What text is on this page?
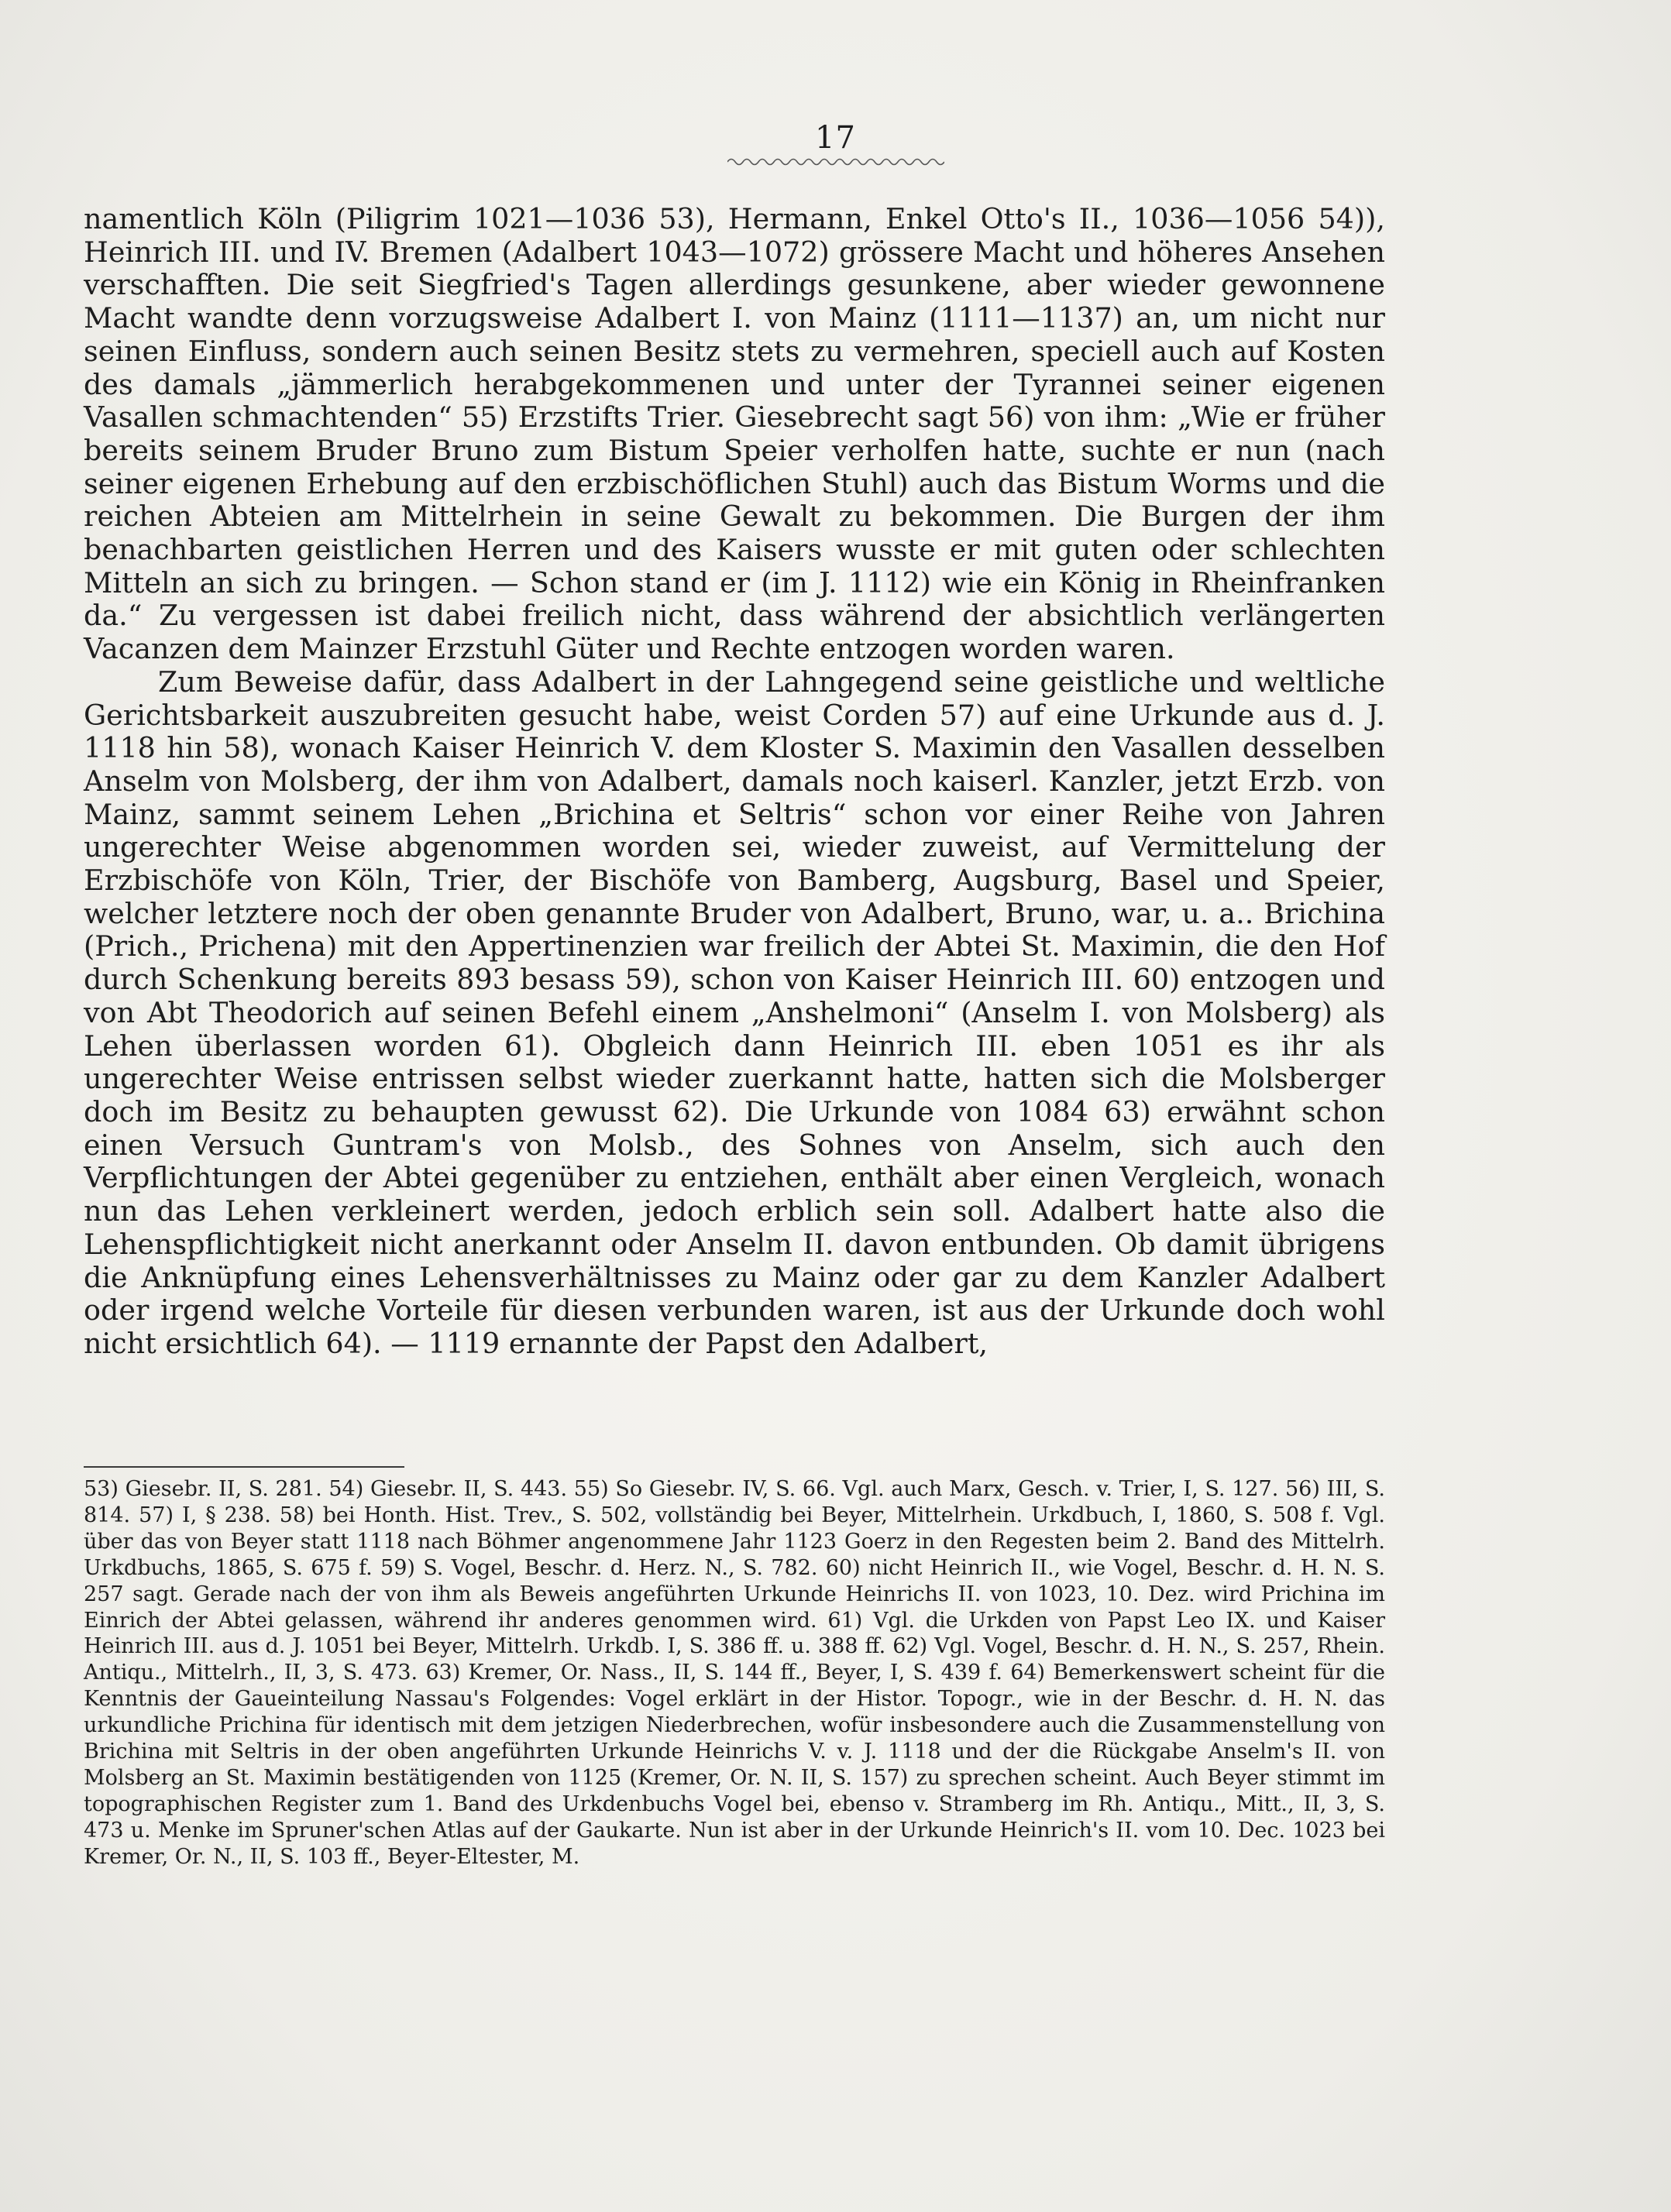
17

namentlich Köln (Piligrim 1021—1036 53), Hermann, Enkel Otto's II., 1036—1056 54)), Heinrich III. und IV. Bremen (Adalbert 1043—1072) grössere Macht und höheres Ansehen verschafften. Die seit Siegfried's Tagen allerdings gesunkene, aber wieder gewonnene Macht wandte denn vorzugsweise Adalbert I. von Mainz (1111—1137) an, um nicht nur seinen Einfluss, sondern auch seinen Besitz stets zu vermehren, speciell auch auf Kosten des damals „jämmerlich herabgekommenen und unter der Tyrannei seiner eigenen Vasallen schmachtenden“ 55) Erzstifts Trier. Giesebrecht sagt 56) von ihm: „Wie er früher bereits seinem Bruder Bruno zum Bistum Speier verholfen hatte, suchte er nun (nach seiner eigenen Erhebung auf den erzbischöflichen Stuhl) auch das Bistum Worms und die reichen Abteien am Mittelrhein in seine Gewalt zu bekommen. Die Burgen der ihm benachbarten geistlichen Herren und des Kaisers wusste er mit guten oder schlechten Mitteln an sich zu bringen. — Schon stand er (im J. 1112) wie ein König in Rheinfranken da.“ Zu vergessen ist dabei freilich nicht, dass während der absichtlich verlängerten Vacanzen dem Mainzer Erzstuhl Güter und Rechte entzogen worden waren.

Zum Beweise dafür, dass Adalbert in der Lahngegend seine geistliche und weltliche Gerichtsbarkeit auszubreiten gesucht habe, weist Corden 57) auf eine Urkunde aus d. J. 1118 hin 58), wonach Kaiser Heinrich V. dem Kloster S. Maximin den Vasallen desselben Anselm von Molsberg, der ihm von Adalbert, damals noch kaiserl. Kanzler, jetzt Erzb. von Mainz, sammt seinem Lehen „Brichina et Seltris“ schon vor einer Reihe von Jahren ungerechter Weise abgenommen worden sei, wieder zuweist, auf Vermittelung der Erzbischöfe von Köln, Trier, der Bischöfe von Bamberg, Augsburg, Basel und Speier, welcher letztere noch der oben genannte Bruder von Adalbert, Bruno, war, u. a.. Brichina (Prich., Prichena) mit den Appertinenzien war freilich der Abtei St. Maximin, die den Hof durch Schenkung bereits 893 besass 59), schon von Kaiser Heinrich III. 60) entzogen und von Abt Theodorich auf seinen Befehl einem „Anshelmoni“ (Anselm I. von Molsberg) als Lehen überlassen worden 61). Obgleich dann Heinrich III. eben 1051 es ihr als ungerechter Weise entrissen selbst wieder zuerkannt hatte, hatten sich die Molsberger doch im Besitz zu behaupten gewusst 62). Die Urkunde von 1084 63) erwähnt schon einen Versuch Guntram's von Molsb., des Sohnes von Anselm, sich auch den Verpflichtungen der Abtei gegenüber zu entziehen, enthält aber einen Vergleich, wonach nun das Lehen verkleinert werden, jedoch erblich sein soll. Adalbert hatte also die Lehenspflichtigkeit nicht anerkannt oder Anselm II. davon entbunden. Ob damit übrigens die Anknüpfung eines Lehensverhältnisses zu Mainz oder gar zu dem Kanzler Adalbert oder irgend welche Vorteile für diesen verbunden waren, ist aus der Urkunde doch wohl nicht ersichtlich 64). — 1119 ernannte der Papst den Adalbert,

53) Giesebr. II, S. 281. 54) Giesebr. II, S. 443. 55) So Giesebr. IV, S. 66. Vgl. auch Marx, Gesch. v. Trier, I, S. 127. 56) III, S. 814. 57) I, § 238. 58) bei Honth. Hist. Trev., S. 502, vollständig bei Beyer, Mittelrhein. Urkdbuch, I, 1860, S. 508 f. Vgl. über das von Beyer statt 1118 nach Böhmer angenommene Jahr 1123 Goerz in den Regesten beim 2. Band des Mittelrh. Urkdbuchs, 1865, S. 675 f. 59) S. Vogel, Beschr. d. Herz. N., S. 782. 60) nicht Heinrich II., wie Vogel, Beschr. d. H. N. S. 257 sagt. Gerade nach der von ihm als Beweis angeführten Urkunde Heinrichs II. von 1023, 10. Dez. wird Prichina im Einrich der Abtei gelassen, während ihr anderes genommen wird. 61) Vgl. die Urkden von Papst Leo IX. und Kaiser Heinrich III. aus d. J. 1051 bei Beyer, Mittelrh. Urkdb. I, S. 386 ff. u. 388 ff. 62) Vgl. Vogel, Beschr. d. H. N., S. 257, Rhein. Antiqu., Mittelrh., II, 3, S. 473. 63) Kremer, Or. Nass., II, S. 144 ff., Beyer, I, S. 439 f. 64) Bemerkenswert scheint für die Kenntnis der Gaueinteilung Nassau's Folgendes: Vogel erklärt in der Histor. Topogr., wie in der Beschr. d. H. N. das urkundliche Prichina für identisch mit dem jetzigen Niederbrechen, wofür insbesondere auch die Zusammenstellung von Brichina mit Seltris in der oben angeführten Urkunde Heinrichs V. v. J. 1118 und der die Rückgabe Anselm's II. von Molsberg an St. Maximin bestätigenden von 1125 (Kremer, Or. N. II, S. 157) zu sprechen scheint. Auch Beyer stimmt im topographischen Register zum 1. Band des Urkdenbuchs Vogel bei, ebenso v. Stramberg im Rh. Antiqu., Mitt., II, 3, S. 473 u. Menke im Spruner'schen Atlas auf der Gaukarte. Nun ist aber in der Urkunde Heinrich's II. vom 10. Dec. 1023 bei Kremer, Or. N., II, S. 103 ff., Beyer-Eltester, M.
